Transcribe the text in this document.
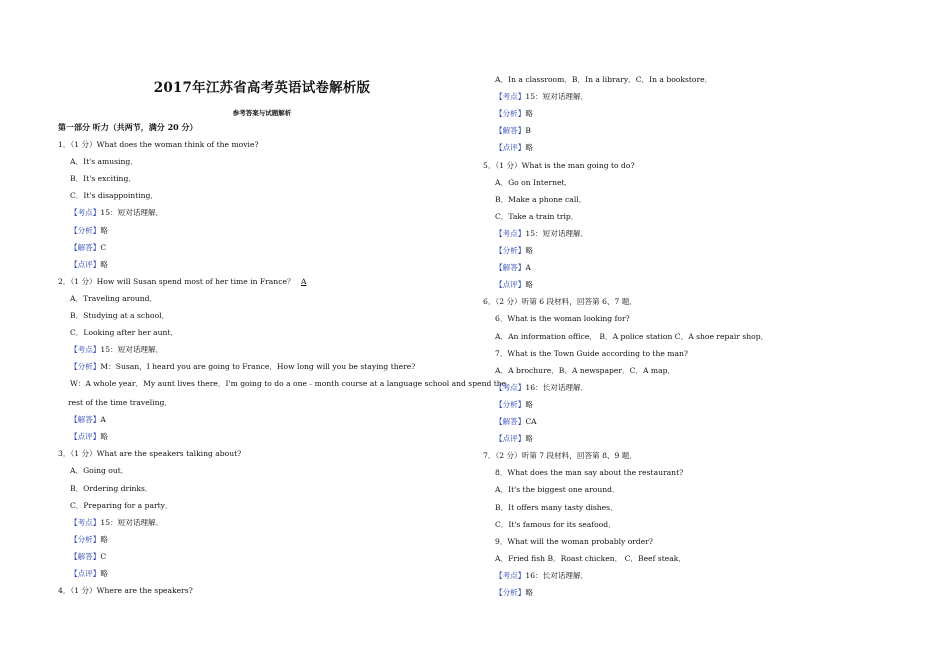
2017年江苏省高考英语试卷解析版
参考答案与试题解析
第一部分 听力（共两节，满分 20 分）
1．（1 分）What does the woman think of the movie?
A．It's amusing．
B．It's exciting．
C．It's disappointing．
【考点】15：短对话理解．
【分析】略
【解答】C
【点评】略
2．（1 分）How will Susan spend most of her time in France？ A
A．Traveling around．
B．Studying at a school．
C．Looking after her aunt．
【考点】15：短对话理解．
【分析】M：Susan，I heard you are going to France．How long will you be staying there?
W：A whole year．My aunt lives there．I'm going to do a one﹣month course at a language school and spend the
rest of the time traveling．
【解答】A
【点评】略
3．（1 分）What are the speakers talking about?
A．Going out．
B．Ordering drinks．
C．Preparing for a party．
【考点】15：短对话理解．
【分析】略
【解答】C
【点评】略
4．（1 分）Where are the speakers?
A．In a classroom．B．In a library．C．In a bookstore．
【考点】15：短对话理解．
【分析】略
【解答】B
【点评】略
5．（1 分）What is the man going to do?
A．Go on Internet．
B．Make a phone call．
C．Take a train trip．
【考点】15：短对话理解．
【分析】略
【解答】A
【点评】略
6．（2 分）听第 6 段材料，回答第 6、7 题．
6．What is the woman looking for?
A．An information office． B．A police station C．A shoe repair shop．
7．What is the Town Guide according to the man?
A．A brochure．B．A newspaper．C．A map．
【考点】16：长对话理解．
【分析】略
【解答】CA
【点评】略
7．（2 分）听第 7 段材料，回答第 8、9 题．
8．What does the man say about the restaurant?
A．It's the biggest one around．
B．It offers many tasty dishes．
C．It's famous for its seafood．
9．What will the woman probably order?
A．Fried fish B．Roast chicken． C．Beef steak．
【考点】16：长对话理解．
【分析】略
